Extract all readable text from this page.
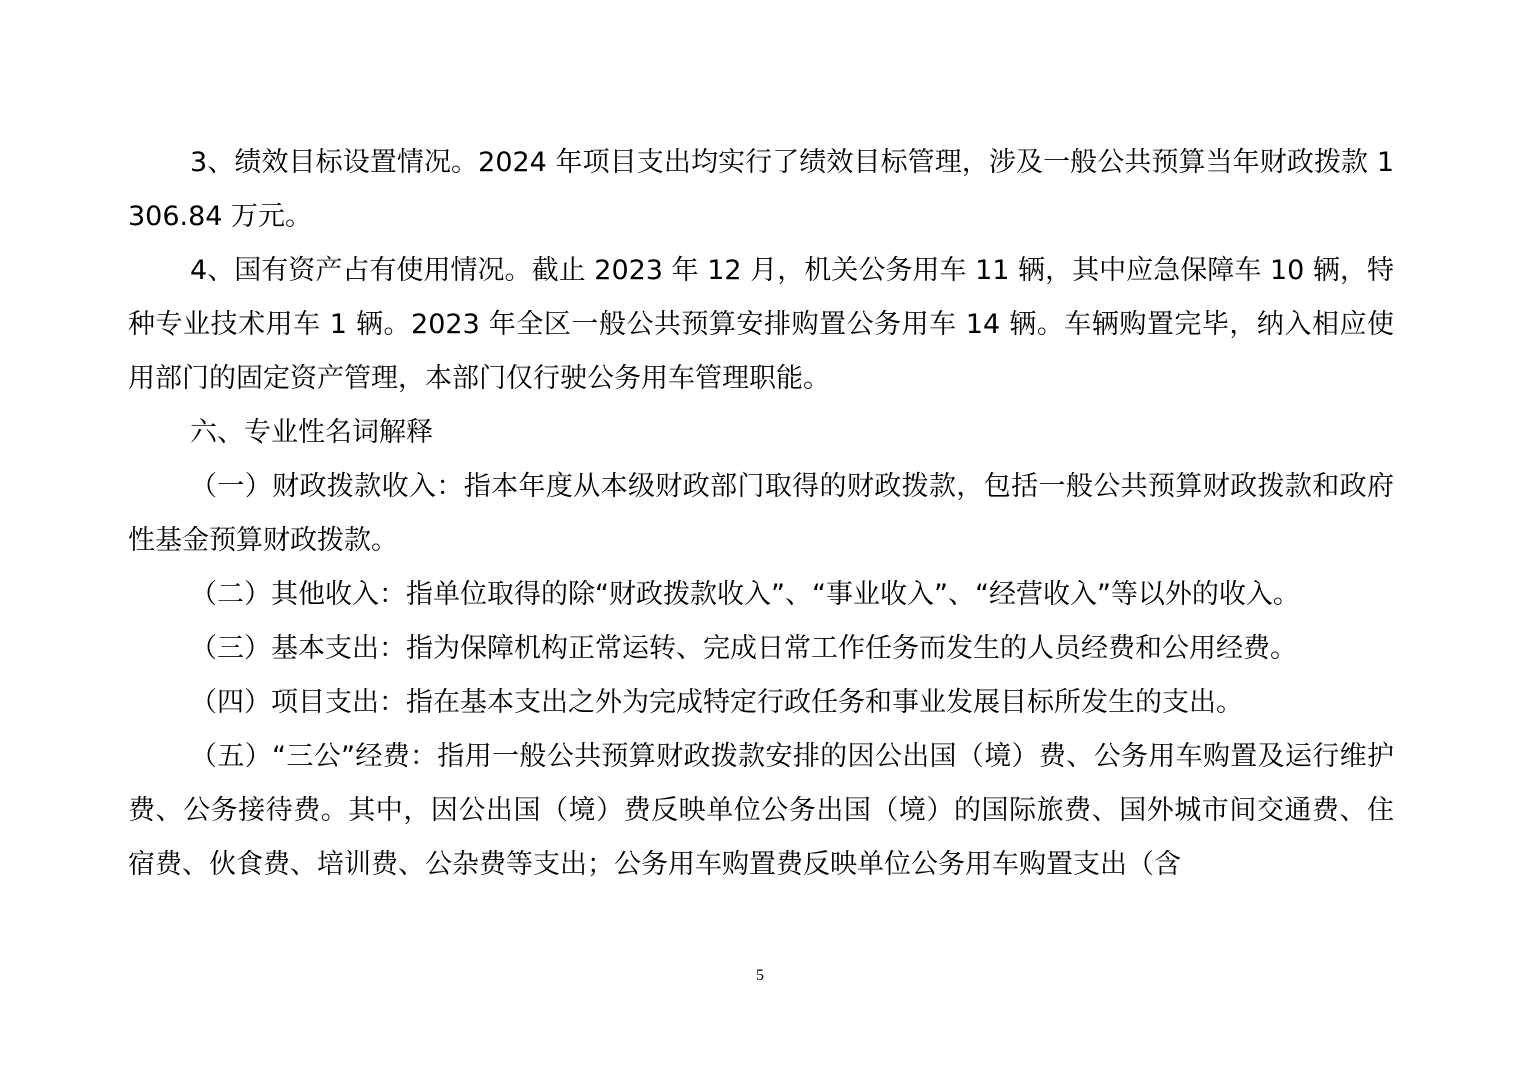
3、绩效目标设置情况。2024 年项目支出均实行了绩效目标管理，涉及一般公共预算当年财政拨款 1306.84 万元。

4、国有资产占有使用情况。截止 2023 年 12 月，机关公务用车 11 辆，其中应急保障车 10 辆，特种专业技术用车 1 辆。2023 年全区一般公共预算安排购置公务用车 14 辆。车辆购置完毕，纳入相应使用部门的固定资产管理，本部门仅行驶公务用车管理职能。

六、专业性名词解释

（一）财政拨款收入：指本年度从本级财政部门取得的财政拨款，包括一般公共预算财政拨款和政府性基金预算财政拨款。

（二）其他收入：指单位取得的除“财政拨款收入”、“事业收入”、“经营收入”等以外的收入。

（三）基本支出：指为保障机构正常运转、完成日常工作任务而发生的人员经费和公用经费。

（四）项目支出：指在基本支出之外为完成特定行政任务和事业发展目标所发生的支出。

（五）“三公”经费：指用一般公共预算财政拨款安排的因公出国（境）费、公务用车购置及运行维护费、公务接待费。其中，因公出国（境）费反映单位公务出国（境）的国际旅费、国外城市间交通费、住宿费、伙食费、培训费、公杂费等支出；公务用车购置费反映单位公务用车购置支出（含

5
